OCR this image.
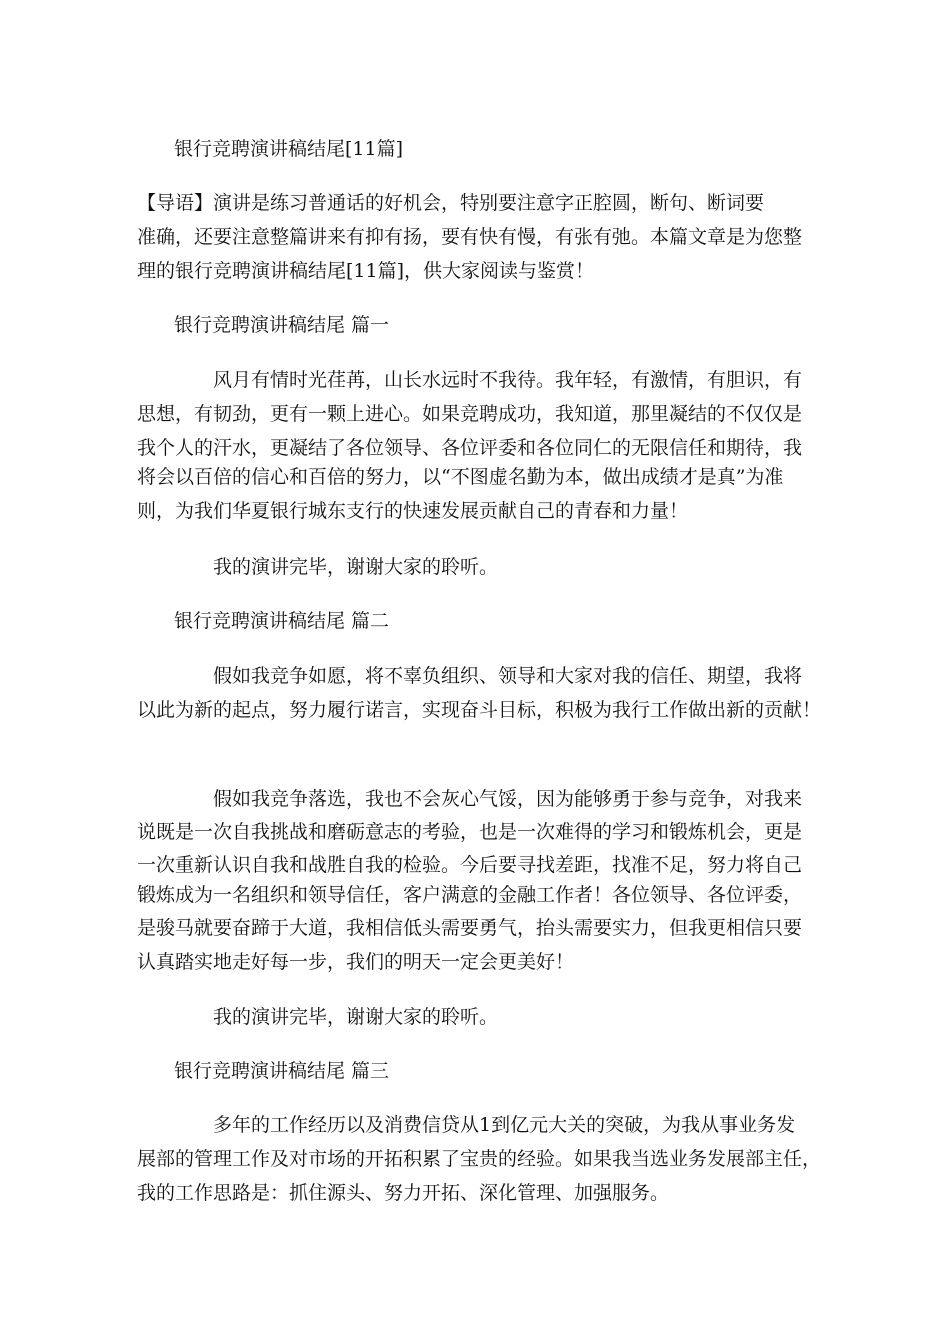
银行竞聘演讲稿结尾[11篇]
【导语】演讲是练习普通话的好机会，特别要注意字正腔圆，断句、断词要
准确，还要注意整篇讲来有抑有扬，要有快有慢，有张有弛。本篇文章是为您整
理的银行竞聘演讲稿结尾[11篇]，供大家阅读与鉴赏！
银行竞聘演讲稿结尾 篇一
风月有情时光荏苒，山长水远时不我待。我年轻，有激情，有胆识，有
思想，有韧劲，更有一颗上进心。如果竞聘成功，我知道，那里凝结的不仅仅是
我个人的汗水，更凝结了各位领导、各位评委和各位同仁的无限信任和期待，我
将会以百倍的信心和百倍的努力，以“不图虚名勤为本，做出成绩才是真”为准
则，为我们华夏银行城东支行的快速发展贡献自己的青春和力量！
我的演讲完毕，谢谢大家的聆听。
银行竞聘演讲稿结尾 篇二
假如我竞争如愿，将不辜负组织、领导和大家对我的信任、期望，我将
以此为新的起点，努力履行诺言，实现奋斗目标，积极为我行工作做出新的贡献！
假如我竞争落选，我也不会灰心气馁，因为能够勇于参与竞争，对我来
说既是一次自我挑战和磨砺意志的考验，也是一次难得的学习和锻炼机会，更是
一次重新认识自我和战胜自我的检验。今后要寻找差距，找准不足，努力将自己
锻炼成为一名组织和领导信任，客户满意的金融工作者！各位领导、各位评委，
是骏马就要奋蹄于大道，我相信低头需要勇气，抬头需要实力，但我更相信只要
认真踏实地走好每一步，我们的明天一定会更美好！
我的演讲完毕，谢谢大家的聆听。
银行竞聘演讲稿结尾 篇三
多年的工作经历以及消费信贷从1到亿元大关的突破，为我从事业务发
展部的管理工作及对市场的开拓积累了宝贵的经验。如果我当选业务发展部主任，
我的工作思路是：抓住源头、努力开拓、深化管理、加强服务。
